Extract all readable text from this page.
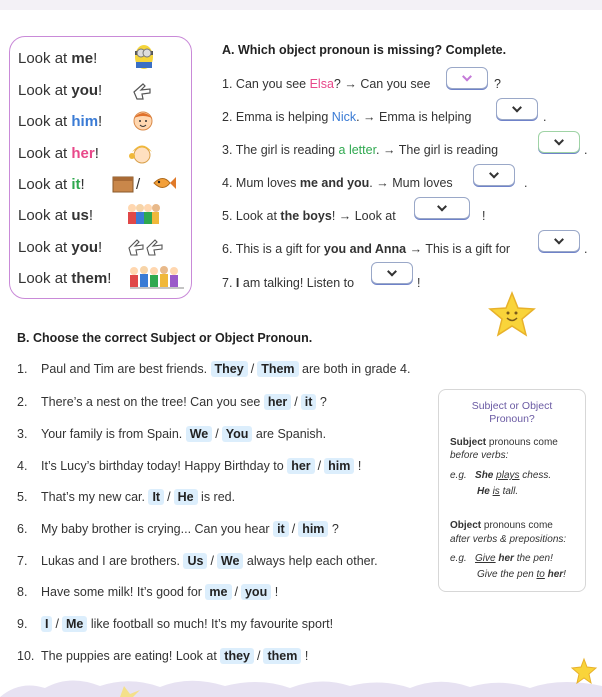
Look at me!
Look at you!
Look at him!
Look at her!
Look at it!	/
Look at us!
Look at you!
Look at them!
A. Which object pronoun is missing? Complete.
1. Can you see Elsa? → Can you see	?
2. Emma is helping Nick. → Emma is helping	.
3. The girl is reading a letter. → The girl is reading	.
4. Mum loves me and you. → Mum loves	.
5. Look at the boys! → Look at	!
6. This is a gift for you and Anna → This is a gift for	.
7. I am talking! Listen to	!
B. Choose the correct Subject or Object Pronoun.
1. Paul and Tim are best friends. They / Them are both in grade 4.
2. There’s a nest on the tree! Can you see her / it ?
3. Your family is from Spain. We / You are Spanish.
4. It’s Lucy’s birthday today! Happy Birthday to her / him !
5. That’s my new car. It / He is red.
6. My baby brother is crying... Can you hear it / him ?
7. Lukas and I are brothers. Us / We always help each other.
8. Have some milk! It’s good for me / you !
9. I / Me like football so much! It’s my favourite sport!
10. The puppies are eating! Look at they / them !
Subject or Object
Pronoun?
Subject pronouns come
before verbs:
e.g. She plays chess.
He is tall.
Object pronouns come
after verbs & prepositions:
e.g. Give her the pen!
Give the pen to her!
